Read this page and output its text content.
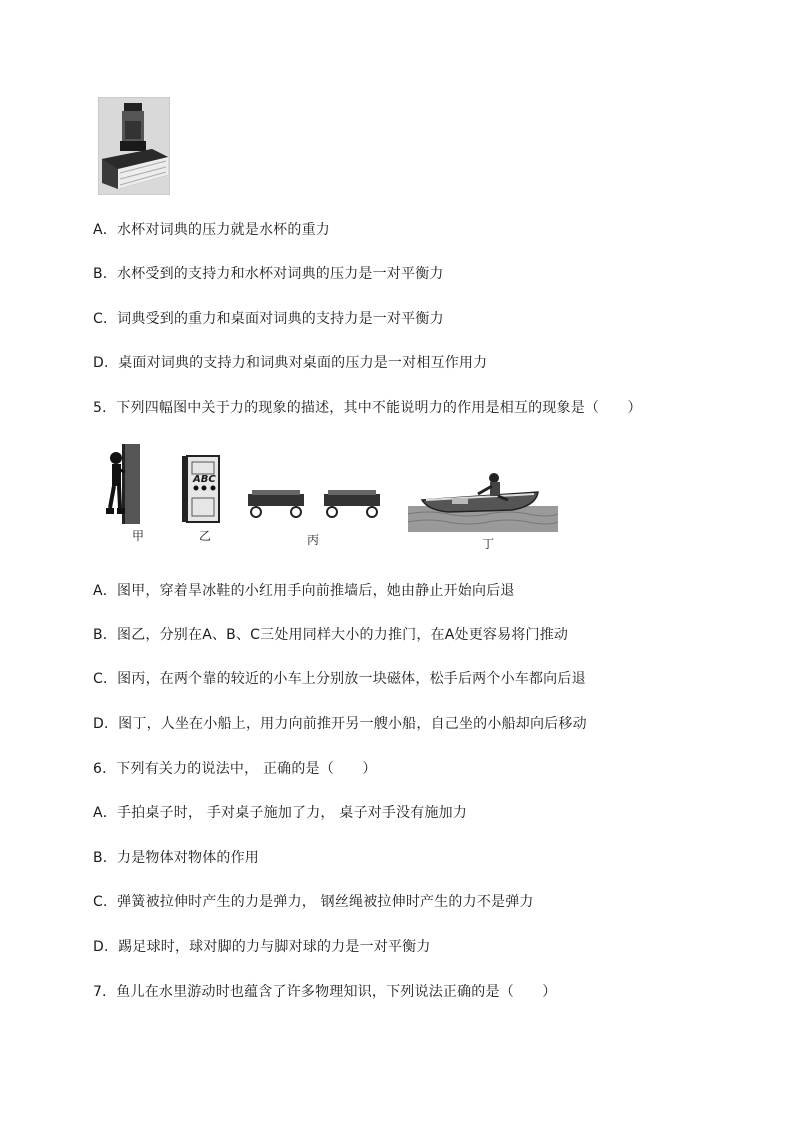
A．水杯对词典的压力就是水杯的重力
B．水杯受到的支持力和水杯对词典的压力是一对平衡力
C．词典受到的重力和桌面对词典的支持力是一对平衡力
D．桌面对词典的支持力和词典对桌面的压力是一对相互作用力
5．下列四幅图中关于力的现象的描述，其中不能说明力的作用是相互的现象是（　　）
甲
ABC
乙	丙	丁
A．图甲，穿着旱冰鞋的小红用手向前推墙后，她由静止开始向后退
B．图乙，分别在A、B、C三处用同样大小的力推门，在A处更容易将门推动
C．图丙，在两个靠的较近的小车上分别放一块磁体，松手后两个小车都向后退
D．图丁，人坐在小船上，用力向前推开另一艘小船，自己坐的小船却向后移动
6．下列有关力的说法中， 正确的是（　　）
A．手拍桌子时， 手对桌子施加了力， 桌子对手没有施加力
B．力是物体对物体的作用
C．弹簧被拉伸时产生的力是弹力， 钢丝绳被拉伸时产生的力不是弹力
D．踢足球时，球对脚的力与脚对球的力是一对平衡力
7．鱼儿在水里游动时也蕴含了许多物理知识，下列说法正确的是（　　）
